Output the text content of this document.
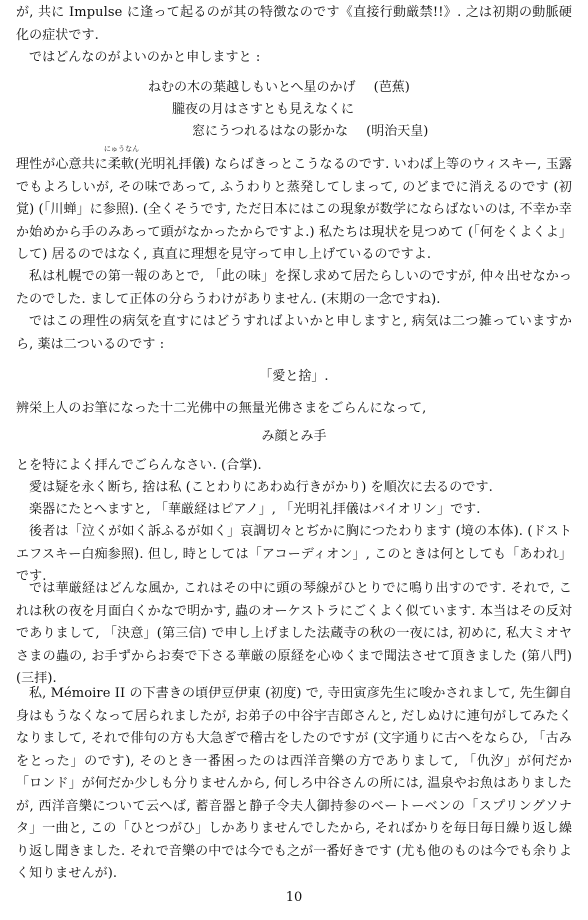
が, 共に Impulse に逢って起るのが其の特徴なのです《直接行動厳禁!!》. 之は初期の動脈硬化の症状です.
ではどんなのがよいのかと申しますと :
ねむの木の葉越しもいとへ星のかげ (芭蕉)
朧夜の月はさすとも見えなくに
窓にうつれるはなの影かな (明治天皇)
理性が心意共に
にゅうなん
柔軟(光明礼拝儀) ならばきっとこうなるのです. いわば上等のウィスキー, 玉露でもよろしいが, その味であって, ふうわりと蒸発してしまって, のどまでに消えるのです (初覚) (「川蝉」に参照). (全くそうです, ただ日本にはこの現象が数学にならばないのは, 不幸か幸か始めから手のみあって頭がなかったからですよ.) 私たちは現状を見つめて (「何をくよくよ」して) 居るのではなく, 真直に理想を見守って申し上げているのですよ.
私は札幌での第一報のあとで, 「此の味」を探し求めて居たらしいのですが, 仲々出せなかったのでした. まして正体の分らうわけがありません. (末期の一念ですね).
ではこの理性の病気を直すにはどうすればよいかと申しますと, 病気は二つ雑っていますから, 薬は二ついるのです :
「愛と捨」.
辨栄上人のお筆になった十二光佛中の無量光佛さまをごらんになって,
み顔とみ手
とを特によく拝んでごらんなさい. (合掌).
愛は疑を永く断ち, 捨は私 (ことわりにあわぬ行きがかり) を順次に去るのです.
楽器にたとへますと, 「華厳経はピアノ」, 「光明礼拝儀はバイオリン」です.
後者は「泣くが如く訴ふるが如く」哀調切々とぢかに胸につたわります (境の本体). (ドストエフスキー白痴参照). 但し, 時としては「アコーディオン」, このときは何としても「あわれ」です.
では華厳経はどんな風か, これはその中に頭の琴線がひとりでに鳴り出すのです. それで, これは秋の夜を月面白くかなで明かす, 蟲のオーケストラにごくよく似ています. 本当はその反対でありまして, 「決意」(第三信) で申し上げました法蔵寺の秋の一夜には, 初めに, 私大ミオヤさまの蟲の, お手ずからお奏で下さる華厳の原経を心ゆくまで聞法させて頂きました (第八門)(三拝).
私, Mémoire II の下書きの頃伊豆伊東 (初度) で, 寺田寅彦先生に唆かされまして, 先生御自身はもうなくなって居られましたが, お弟子の中谷宇吉郎さんと, だしぬけに連句がしてみたくなりまして, それで俳句の方も大急ぎで稽古をしたのですが (文字通りに古へをならひ, 「古みをとった」のです), そのとき一番困ったのは西洋音樂の方でありまして, 「仇汐」が何だか「ロンド」が何だか少しも分りませんから, 何しろ中谷さんの所には, 温泉やお魚はありましたが, 西洋音樂について云へば, 蓄音器と静子令夫人御持参のベートーベンの「スプリングソナタ」一曲と, この「ひとつがひ」しかありませんでしたから, そればかりを毎日毎日繰り返し繰り返し聞きました. それで音樂の中では今でも之が一番好きです (尤も他のものは今でも余りよく知りませんが).
10
